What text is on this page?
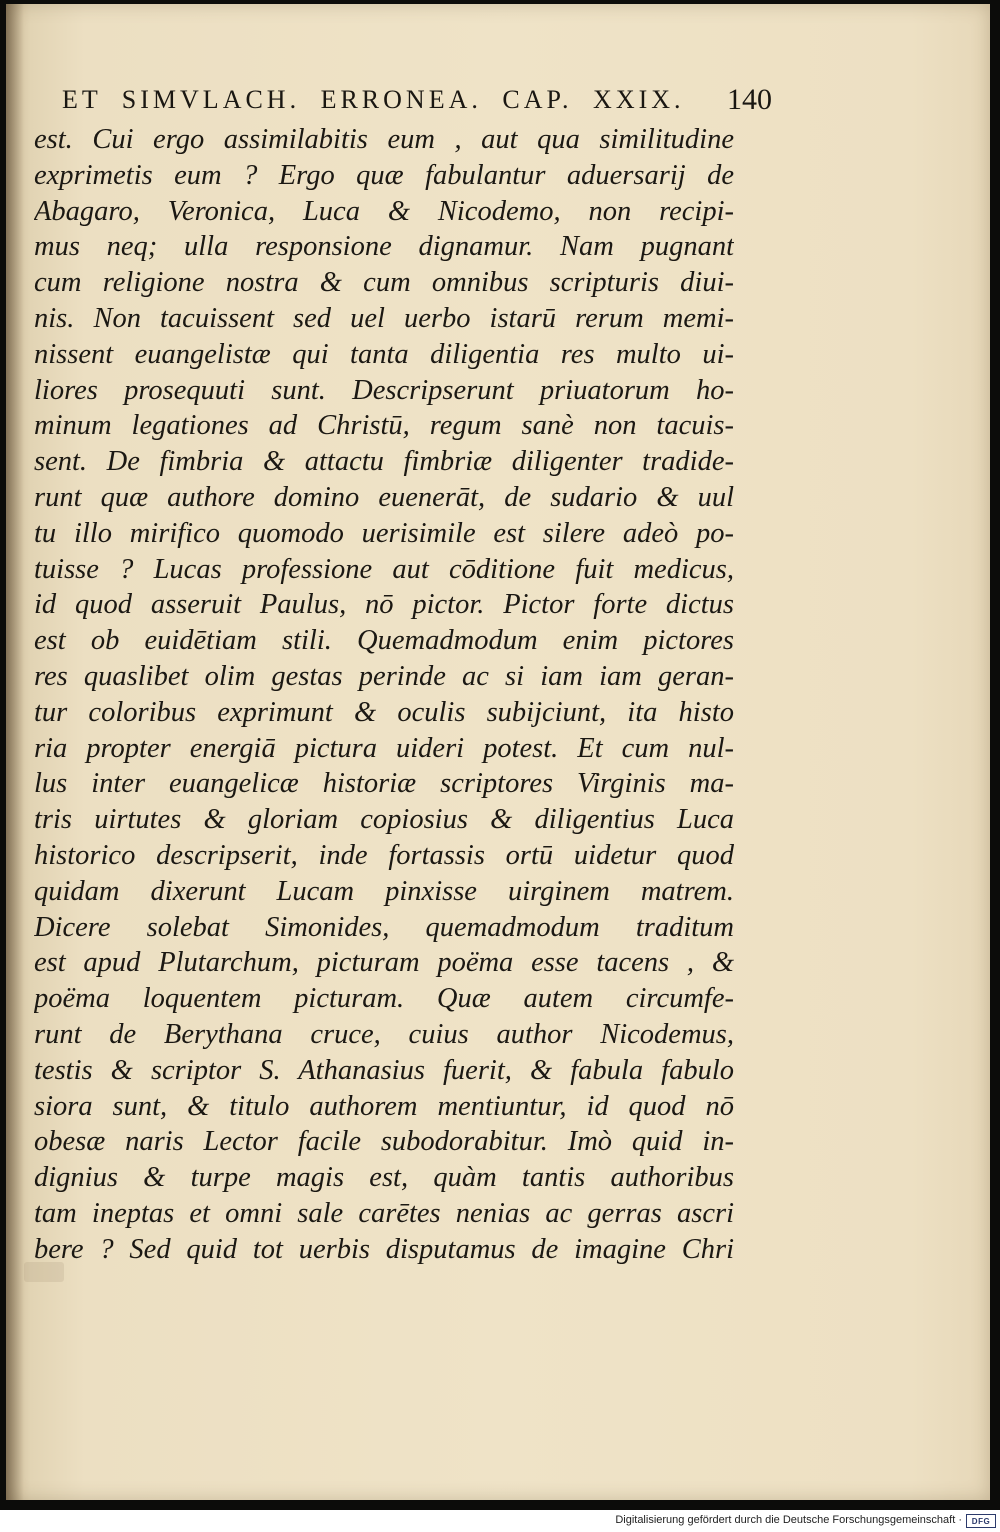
ET SIMVLACH. ERRONEA. CAP. XXIX. 140
est. Cui ergo assimilabitis eum , aut qua similitudine
exprimetis eum ? Ergo quæ fabulantur aduersarij de
Abagaro, Veronica, Luca & Nicodemo, non recipi-
mus neq; ulla responsione dignamur. Nam pugnant
cum religione nostra & cum omnibus scripturis diui-
nis. Non tacuissent sed uel uerbo istarū rerum memi-
nissent euangelistæ qui tanta diligentia res multo ui-
liores prosequuti sunt. Descripserunt priuatorum ho-
minum legationes ad Christū, regum sanè non tacuis-
sent. De fimbria & attactu fimbriæ diligenter tradide-
runt quæ authore domino euenerāt, de sudario & uul
tu illo mirifico quomodo uerisimile est silere adeò po-
tuisse ? Lucas professione aut cōditione fuit medicus,
id quod asseruit Paulus, nō pictor. Pictor forte dictus
est ob euidētiam stili. Quemadmodum enim pictores
res quaslibet olim gestas perinde ac si iam iam geran-
tur coloribus exprimunt & oculis subijciunt, ita histo
ria propter energiā pictura uideri potest. Et cum nul-
lus inter euangelicæ historiæ scriptores Virginis ma-
tris uirtutes & gloriam copiosius & diligentius Luca
historico descripserit, inde fortassis ortū uidetur quod
quidam dixerunt Lucam pinxisse uirginem matrem.
Dicere solebat Simonides, quemadmodum traditum
est apud Plutarchum, picturam poëma esse tacens , &
poëma loquentem picturam. Quæ autem circumfe-
runt de Berythana cruce, cuius author Nicodemus,
testis & scriptor S. Athanasius fuerit, & fabula fabulo
siora sunt, & titulo authorem mentiuntur, id quod nō
obesæ naris Lector facile subodorabitur. Imò quid in-
dignius & turpe magis est, quàm tantis authoribus
tam ineptas et omni sale carētes nenias ac gerras ascri
bere ? Sed quid tot uerbis disputamus de imagine Chri
Digitalisierung gefördert durch die Deutsche Forschungsgemeinschaft · DFG
